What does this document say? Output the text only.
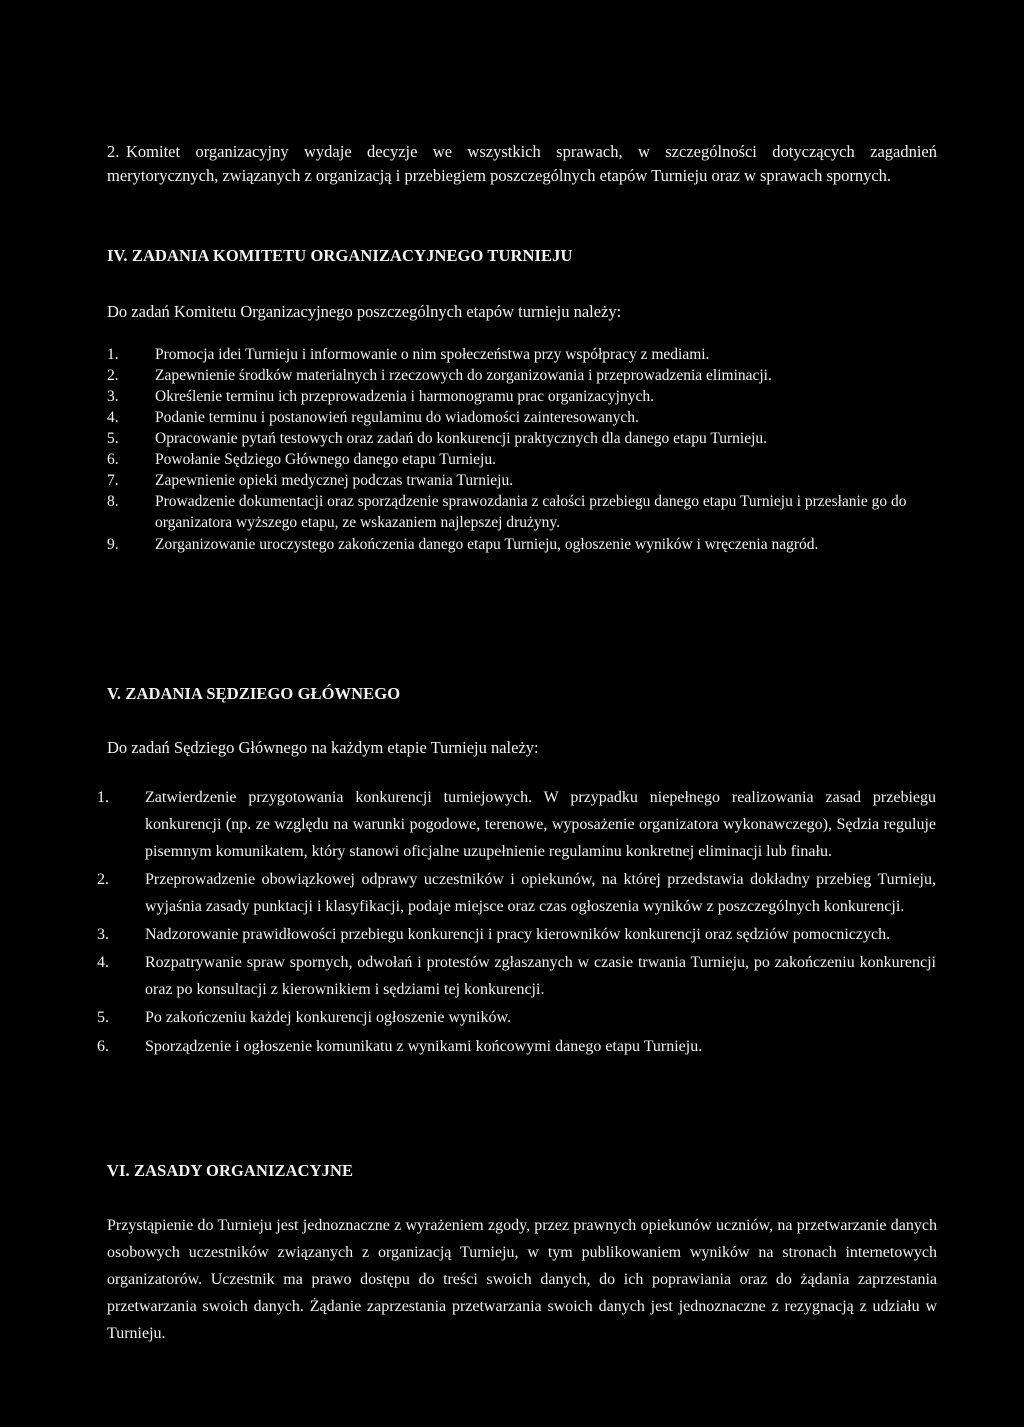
2. Komitet organizacyjny wydaje decyzje we wszystkich sprawach, w szczególności dotyczących zagadnień merytorycznych, związanych z organizacją i przebiegiem poszczególnych etapów Turnieju oraz w sprawach spornych.

IV. ZADANIA KOMITETU ORGANIZACYJNEGO TURNIEJU

Do zadań Komitetu Organizacyjnego poszczególnych etapów turnieju należy:

1.	Promocja idei Turnieju i informowanie o nim społeczeństwa przy współpracy z mediami.
2.	Zapewnienie środków materialnych i rzeczowych do zorganizowania i przeprowadzenia eliminacji.
3.	Określenie terminu ich przeprowadzenia i harmonogramu prac organizacyjnych.
4.	Podanie terminu i postanowień regulaminu do wiadomości zainteresowanych.
5.	Opracowanie pytań testowych oraz zadań do konkurencji praktycznych dla danego etapu Turnieju.
6.	Powołanie Sędziego Głównego danego etapu Turnieju.
7.	Zapewnienie opieki medycznej podczas trwania Turnieju.
8.	Prowadzenie dokumentacji oraz sporządzenie sprawozdania z całości przebiegu danego etapu Turnieju i przesłanie go do organizatora wyższego etapu, ze wskazaniem najlepszej drużyny.
9.	Zorganizowanie uroczystego zakończenia danego etapu Turnieju, ogłoszenie wyników i wręczenia nagród.
V. ZADANIA SĘDZIEGO GŁÓWNEGO

Do zadań Sędziego Głównego na każdym etapie Turnieju należy:

1.	Zatwierdzenie przygotowania konkurencji turniejowych. W przypadku niepełnego realizowania zasad przebiegu konkurencji (np. ze względu na warunki pogodowe, terenowe, wyposażenie organizatora wykonawczego), Sędzia reguluje pisemnym komunikatem, który stanowi oficjalne uzupełnienie regulaminu konkretnej eliminacji lub finału.
2.	Przeprowadzenie obowiązkowej odprawy uczestników i opiekunów, na której przedstawia dokładny przebieg Turnieju, wyjaśnia zasady punktacji i klasyfikacji, podaje miejsce oraz czas ogłoszenia wyników z poszczególnych konkurencji.
3.	Nadzorowanie prawidłowości przebiegu konkurencji i pracy kierowników konkurencji oraz sędziów pomocniczych.
4.	Rozpatrywanie spraw spornych, odwołań i protestów zgłaszanych w czasie trwania Turnieju, po zakończeniu konkurencji oraz po konsultacji z kierownikiem i sędziami tej konkurencji.
5.	Po zakończeniu każdej konkurencji ogłoszenie wyników.
6.	Sporządzenie i ogłoszenie komunikatu z wynikami końcowymi danego etapu Turnieju.
VI. ZASADY ORGANIZACYJNE

Przystąpienie do Turnieju jest jednoznaczne z wyrażeniem zgody, przez prawnych opiekunów uczniów, na przetwarzanie danych osobowych uczestników związanych z organizacją Turnieju, w tym publikowaniem wyników na stronach internetowych organizatorów. Uczestnik ma prawo dostępu do treści swoich danych, do ich poprawiania oraz do żądania zaprzestania przetwarzania swoich danych. Żądanie zaprzestania przetwarzania swoich danych jest jednoznaczne z rezygnacją z udziału w Turnieju.
